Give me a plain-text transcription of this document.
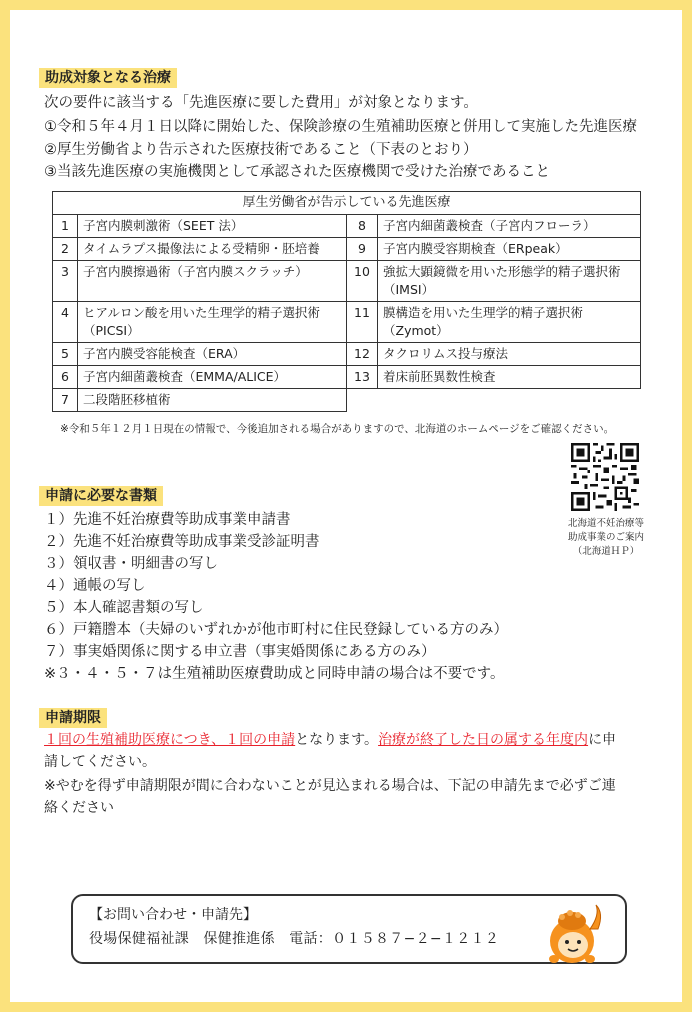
助成対象となる治療
次の要件に該当する「先進医療に要した費用」が対象となります。
①令和５年４月１日以降に開始した、保険診療の生殖補助医療と併用して実施した先進医療
②厚生労働省より告示された医療技術であること（下表のとおり）
③当該先進医療の実施機関として承認された医療機関で受けた治療であること
厚生労働省が告示している先進医療			
1	子宮内膜刺激術（SEET 法）	8	子宮内細菌叢検査（子宮内フローラ）
2	タイムラプス撮像法による受精卵・胚培養	9	子宮内膜受容期検査（ERpeak）
3	子宮内膜擦過術（子宮内膜スクラッチ）	10	強拡大顕鏡微を用いた形態学的精子選択術（IMSI）
4	ヒアルロン酸を用いた生理学的精子選択術（PICSI）	11	膜構造を用いた生理学的精子選択術（Zymot）
5	子宮内膜受容能検査（ERA）	12	タクロリムス投与療法
6	子宮内細菌叢検査（EMMA/ALICE）	13	着床前胚異数性検査
7	二段階胚移植術		
※令和５年１２月１日現在の情報で、今後追加される場合がありますので、北海道のホームページをご確認ください。
北海道不妊治療等
助成事業のご案内
（北海道ＨＰ）
申請に必要な書類
１）先進不妊治療費等助成事業申請書
２）先進不妊治療費等助成事業受診証明書
３）領収書・明細書の写し
４）通帳の写し
５）本人確認書類の写し
６）戸籍謄本（夫婦のいずれかが他市町村に住民登録している方のみ）
７）事実婚関係に関する申立書（事実婚関係にある方のみ）
※３・４・５・７は生殖補助医療費助成と同時申請の場合は不要です。
申請期限
１回の生殖補助医療につき、１回の申請となります。治療が終了した日の属する年度内に申
請してください。
※やむを得ず申請期限が間に合わないことが見込まれる場合は、下記の申請先まで必ずご連
絡ください
【お問い合わせ・申請先】
役場保健福祉課　保健推進係　電話：０１５８７−２−１２１２
